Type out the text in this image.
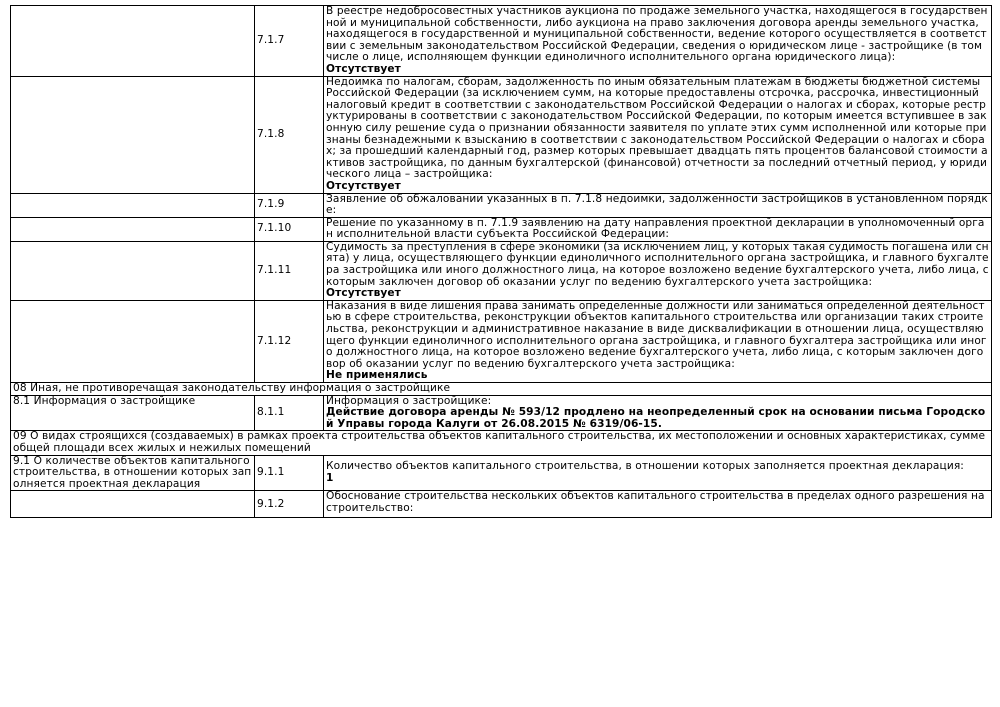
	7.1.7	В реестре недобросовестных участников аукциона по продаже земельного участка, находящегося в государственной и муниципальной собственности, либо аукциона на право заключения договора аренды земельного участка, находящегося в государственной и муниципальной собственности, ведение которого осуществляется в соответствии с земельным законодательством Российской Федерации, сведения о юридическом лице - застройщике (в том числе о лице, исполняющем функции единоличного исполнительного органа юридического лица):
Отсутствует

	7.1.8	Недоимка по налогам, сборам, задолженность по иным обязательным платежам в бюджеты бюджетной системы Российской Федерации (за исключением сумм, на которые предоставлены отсрочка, рассрочка, инвестиционный налоговый кредит в соответствии с законодательством Российской Федерации о налогах и сборах, которые реструктурированы в соответствии с законодательством Российской Федерации, по которым имеется вступившее в законную силу решение суда о признании обязанности заявителя по уплате этих сумм исполненной или которые признаны безнадежными к взысканию в соответствии с законодательством Российской Федерации о налогах и сборах; за прошедший календарный год, размер которых превышает двадцать пять процентов балансовой стоимости активов застройщика, по данным бухгалтерской (финансовой) отчетности за последний отчетный период, у юридического лица – застройщика:
Отсутствует

	7.1.9	Заявление об обжаловании указанных в п. 7.1.8 недоимки, задолженности застройщиков в установленном порядке:
	7.1.10	Решение по указанному в п. 7.1.9 заявлению на дату направления проектной декларации в уполномоченный орган исполнительной власти субъекта Российской Федерации:
	7.1.11	Судимость за преступления в сфере экономики (за исключением лиц, у которых такая судимость погашена или снята) у лица, осуществляющего функции единоличного исполнительного органа застройщика, и главного бухгалтера застройщика или иного должностного лица, на которое возложено ведение бухгалтерского учета, либо лица, с которым заключен договор об оказании услуг по ведению бухгалтерского учета застройщика:
Отсутствует

	7.1.12	Наказания в виде лишения права занимать определенные должности или заниматься определенной деятельностью в сфере строительства, реконструкции объектов капитального строительства или организации таких строительства, реконструкции и административное наказание в виде дисквалификации в отношении лица, осуществляющего функции единоличного исполнительного органа застройщика, и главного бухгалтера застройщика или иного должностного лица, на которое возложено ведение бухгалтерского учета, либо лица, с которым заключен договор об оказании услуг по ведению бухгалтерского учета застройщика:
Не применялись

08 Иная, не противоречащая законодательству информация о застройщике		
8.1 Информация о застройщике	8.1.1	Информация о застройщике:
Действие договора аренды № 593/12 продлено на неопределенный срок на основании письма Городской Управы города Калуги от 26.08.2015 № 6319/06-15.

09 О видах строящихся (создаваемых) в рамках проекта строительства объектов капитального строительства, их местоположении и основных характеристиках, сумме общей площади всех жилых и нежилых помещений		
9.1 О количестве объектов капитального строительства, в отношении которых заполняется проектная декларация	9.1.1	Количество объектов капитального строительства, в отношении которых заполняется проектная декларация:
1

	9.1.2	Обоснование строительства нескольких объектов капитального строительства в пределах одного разрешения на строительство:
